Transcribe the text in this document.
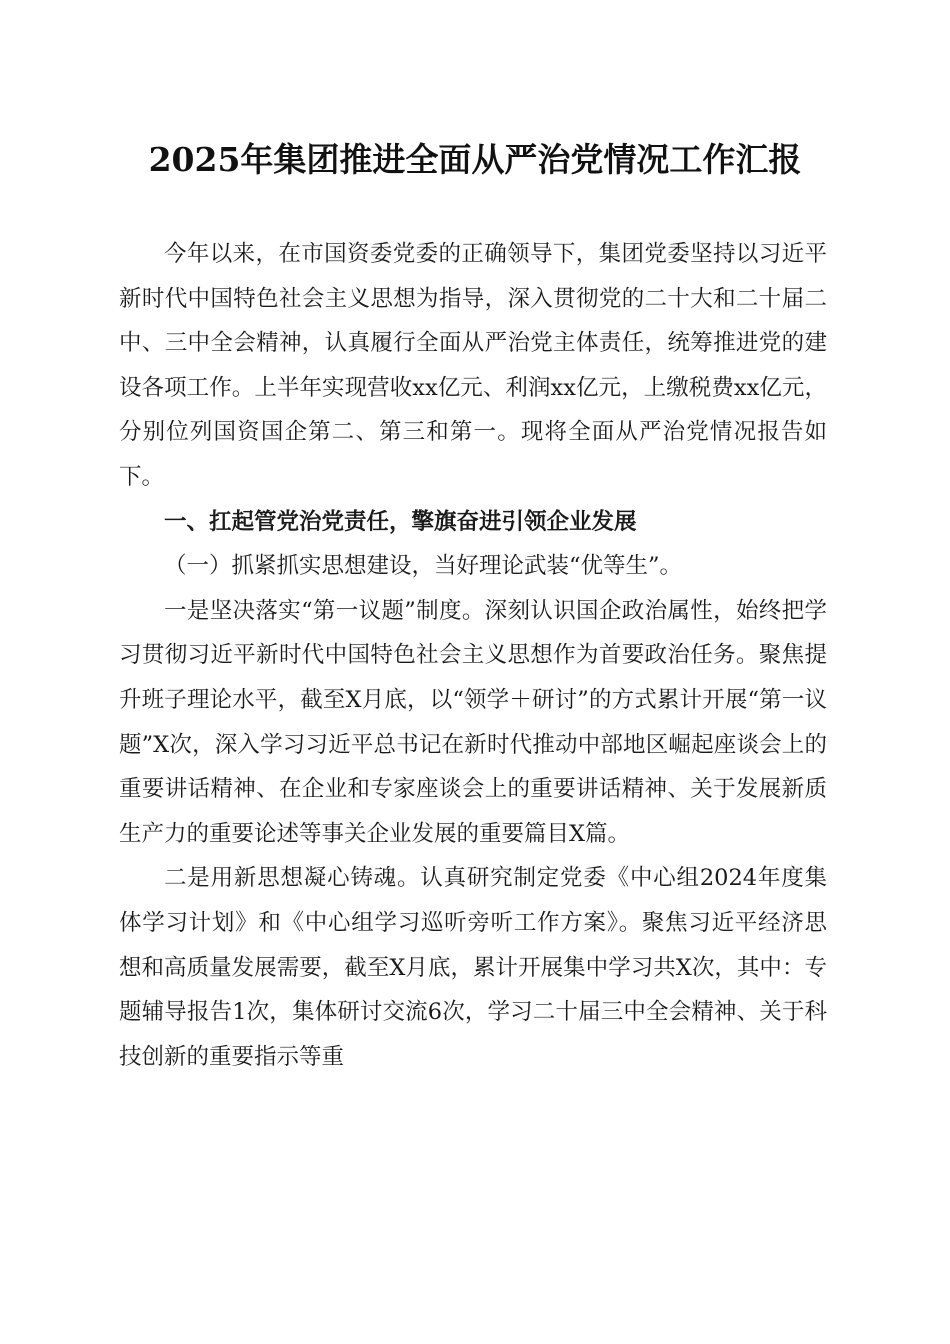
2025年集团推进全面从严治党情况工作汇报

今年以来，在市国资委党委的正确领导下，集团党委坚持以习近平新时代中国特色社会主义思想为指导，深入贯彻党的二十大和二十届二中、三中全会精神，认真履行全面从严治党主体责任，统筹推进党的建设各项工作。上半年实现营收xx亿元、利润xx亿元，上缴税费xx亿元，分别位列国资国企第二、第三和第一。现将全面从严治党情况报告如下。

一、扛起管党治党责任，擎旗奋进引领企业发展

（一）抓紧抓实思想建设，当好理论武装“优等生”。

一是坚决落实“第一议题”制度。深刻认识国企政治属性，始终把学习贯彻习近平新时代中国特色社会主义思想作为首要政治任务。聚焦提升班子理论水平，截至X月底，以“领学＋研讨”的方式累计开展“第一议题”X次，深入学习习近平总书记在新时代推动中部地区崛起座谈会上的重要讲话精神、在企业和专家座谈会上的重要讲话精神、关于发展新质生产力的重要论述等事关企业发展的重要篇目X篇。

二是用新思想凝心铸魂。认真研究制定党委《中心组2024年度集体学习计划》和《中心组学习巡听旁听工作方案》。聚焦习近平经济思想和高质量发展需要，截至X月底，累计开展集中学习共X次，其中：专题辅导报告1次，集体研讨交流6次，学习二十届三中全会精神、关于科技创新的重要指示等重
